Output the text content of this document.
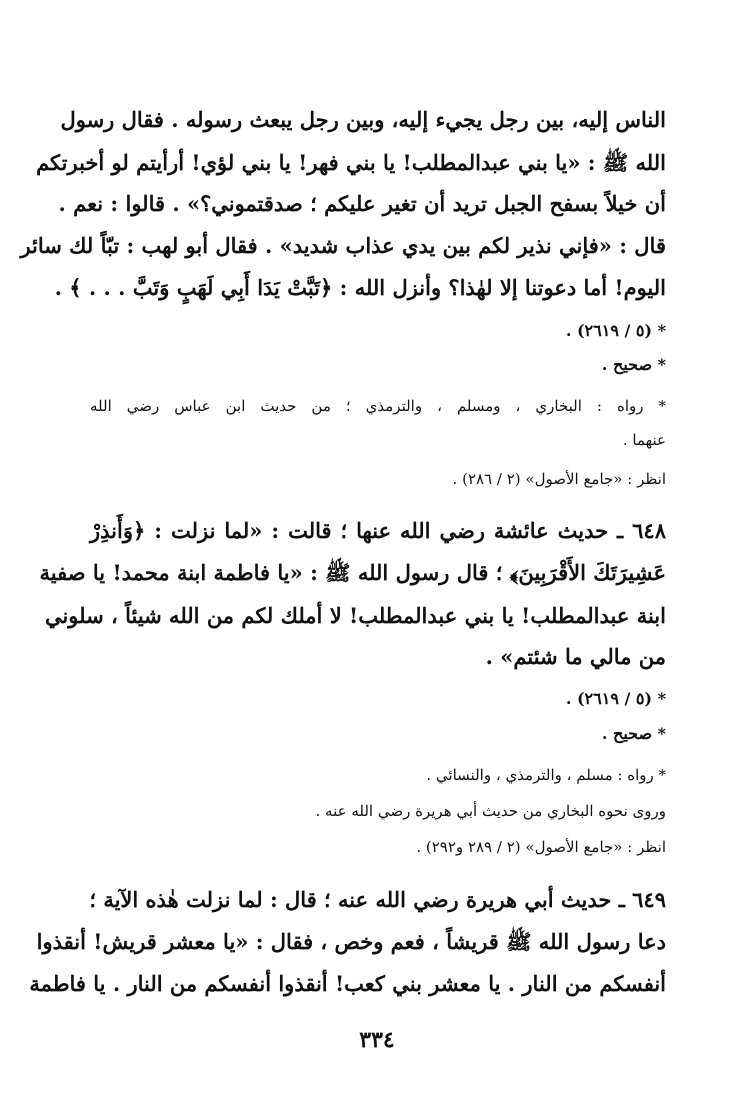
الناس إليه، بين رجل يجيء إليه، وبين رجل يبعث رسوله . فقال رسول
الله ﷺ : «يا بني عبدالمطلب! يا بني فهر! يا بني لؤي! أرأيتم لو أخبرتكم
أن خيلاً بسفح الجبل تريد أن تغير عليكم ؛ صدقتموني؟» . قالوا : نعم .
قال : «فإني نذير لكم بين يدي عذاب شديد» . فقال أبو لهب : تبّاً لك سائر
اليوم! أما دعوتنا إلا لهٰذا؟ وأنزل الله : ﴿تَبَّتْ يَدَا أَبِي لَهَبٍ وَتَبَّ . . . ﴾ .
* (٥ / ٢٦١٩) .
* صحيح .
* رواه : البخاري ، ومسلم ، والترمذي ؛ من حديث ابن عباس رضي الله
عنهما .
انظر : «جامع الأصول» (٢ / ٢٨٦) .
٦٤٨ ـ حديث عائشة رضي الله عنها ؛ قالت : «لما نزلت : ﴿وَأَنذِرْ
عَشِيرَتَكَ الأَقْرَبِينَ﴾ ؛ قال رسول الله ﷺ : «يا فاطمة ابنة محمد! يا صفية
ابنة عبدالمطلب! يا بني عبدالمطلب! لا أملك لكم من الله شيئاً ، سلوني
من مالي ما شئتم» .
* (٥ / ٢٦١٩) .
* صحيح .
* رواه : مسلم ، والترمذي ، والنسائي .
وروى نحوه البخاري من حديث أبي هريرة رضي الله عنه .
انظر : «جامع الأصول» (٢ / ٢٨٩ و٢٩٢) .
٦٤٩ ـ حديث أبي هريرة رضي الله عنه ؛ قال : لما نزلت هٰذه الآية ؛
دعا رسول الله ﷺ قريشاً ، فعم وخص ، فقال : «يا معشر قريش! أنقذوا
أنفسكم من النار . يا معشر بني كعب! أنقذوا أنفسكم من النار . يا فاطمة
٣٣٤
